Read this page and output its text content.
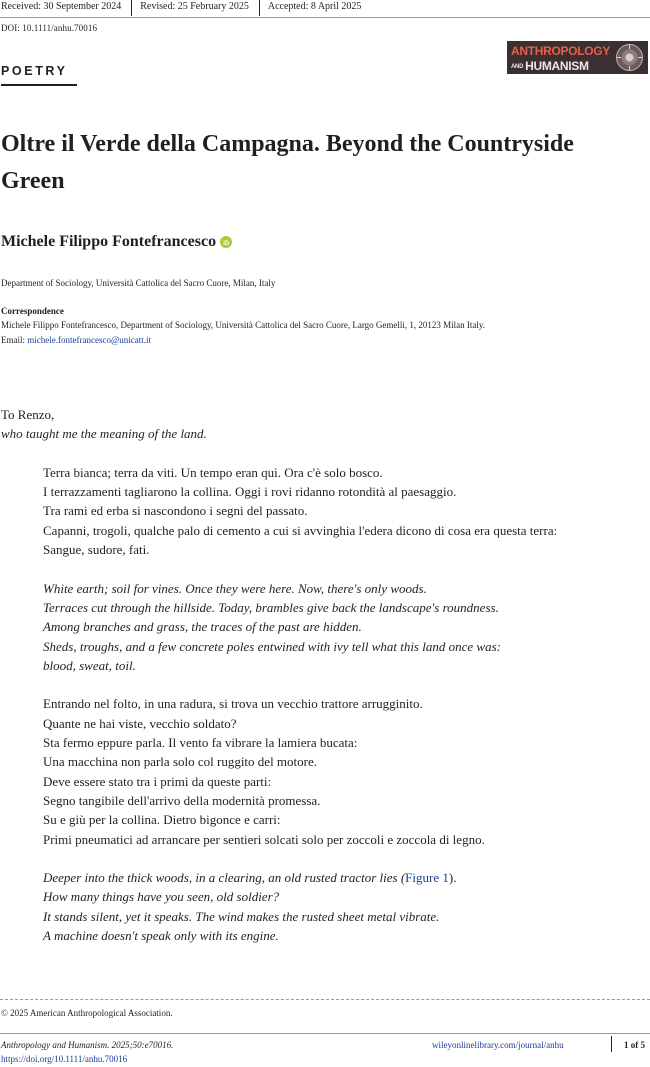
Received: 30 September 2024	Revised: 25 February 2025	Accepted: 8 April 2025
DOI: 10.1111/anhu.70016
POETRY
ANTHROPOLOGY
AND HUMANISM
Oltre il Verde della Campagna. Beyond the Countryside Green
Michele Filippo Fontefrancesco iD
Department of Sociology, Università Cattolica del Sacro Cuore, Milan, Italy
Correspondence
Michele Filippo Fontefrancesco, Department of Sociology, Università Cattolica del Sacro Cuore, Largo Gemelli, 1, 20123 Milan Italy.
Email: michele.fontefrancesco@unicatt.it

To Renzo,

who taught me the meaning of the land.

Terra bianca; terra da viti. Un tempo eran qui. Ora c'è solo bosco.

I terrazzamenti tagliarono la collina. Oggi i rovi ridanno rotondità al paesaggio.

Tra rami ed erba si nascondono i segni del passato.

Capanni, trogoli, qualche palo di cemento a cui si avvinghia l'edera dicono di cosa era questa terra:

Sangue, sudore, fati.

White earth; soil for vines. Once they were here. Now, there's only woods.

Terraces cut through the hillside. Today, brambles give back the landscape's roundness.

Among branches and grass, the traces of the past are hidden.

Sheds, troughs, and a few concrete poles entwined with ivy tell what this land once was:

blood, sweat, toil.

Entrando nel folto, in una radura, si trova un vecchio trattore arrugginito.

Quante ne hai viste, vecchio soldato?

Sta fermo eppure parla. Il vento fa vibrare la lamiera bucata:

Una macchina non parla solo col ruggito del motore.

Deve essere stato tra i primi da queste parti:

Segno tangibile dell'arrivo della modernità promessa.

Su e giù per la collina. Dietro bigonce e carri:

Primi pneumatici ad arrancare per sentieri solcati solo per zoccoli e zoccola di legno.

Deeper into the thick woods, in a clearing, an old rusted tractor lies (Figure 1).

How many things have you seen, old soldier?

It stands silent, yet it speaks. The wind makes the rusted sheet metal vibrate.

A machine doesn't speak only with its engine.

© 2025 American Anthropological Association.
Anthropology and Humanism. 2025;50:e70016.
https://doi.org/10.1111/anhu.70016
wileyonlinelibrary.com/journal/anhu	1 of 5
